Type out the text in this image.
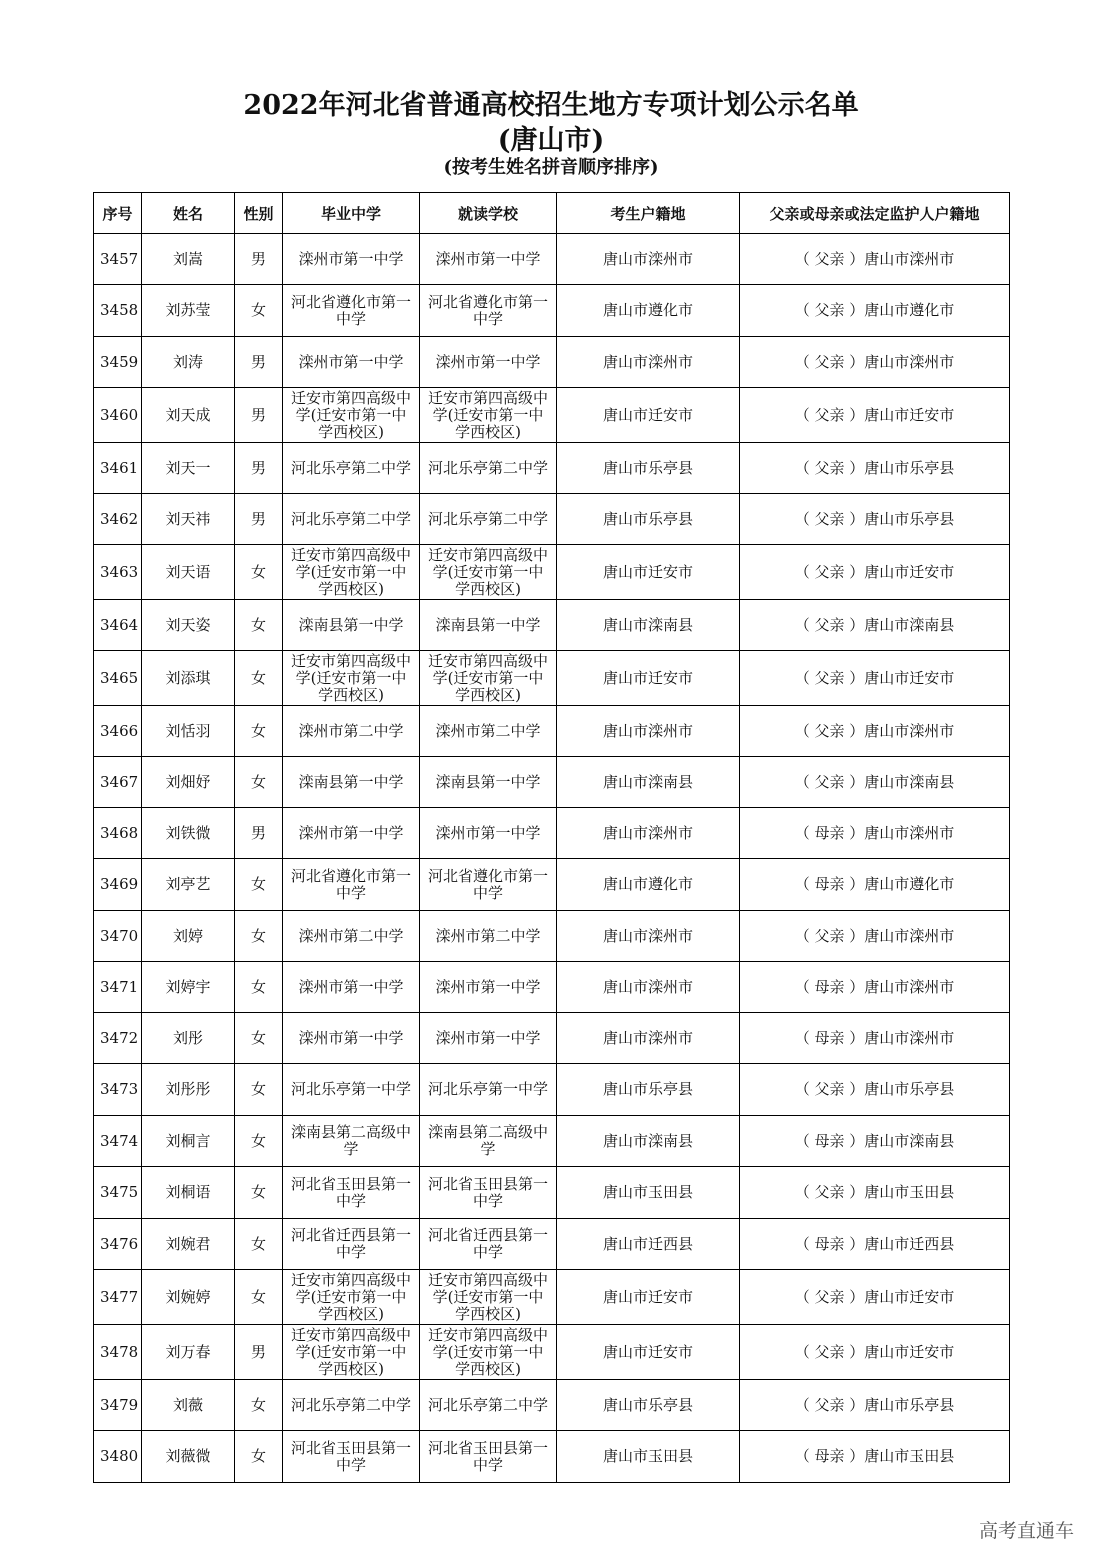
2022年河北省普通高校招生地方专项计划公示名单
(唐山市)
(按考生姓名拼音顺序排序)
序号	姓名	性别	毕业中学	就读学校	考生户籍地	父亲或母亲或法定监护人户籍地
3457	刘嵩	男	滦州市第一中学	滦州市第一中学	唐山市滦州市	（ 父亲 ）唐山市滦州市
3458	刘苏莹	女	河北省遵化市第一中学	河北省遵化市第一中学	唐山市遵化市	（ 父亲 ）唐山市遵化市
3459	刘涛	男	滦州市第一中学	滦州市第一中学	唐山市滦州市	（ 父亲 ）唐山市滦州市
3460	刘天成	男	迁安市第四高级中学(迁安市第一中学西校区)	迁安市第四高级中学(迁安市第一中学西校区)	唐山市迁安市	（ 父亲 ）唐山市迁安市
3461	刘天一	男	河北乐亭第二中学	河北乐亭第二中学	唐山市乐亭县	（ 父亲 ）唐山市乐亭县
3462	刘天祎	男	河北乐亭第二中学	河北乐亭第二中学	唐山市乐亭县	（ 父亲 ）唐山市乐亭县
3463	刘天语	女	迁安市第四高级中学(迁安市第一中学西校区)	迁安市第四高级中学(迁安市第一中学西校区)	唐山市迁安市	（ 父亲 ）唐山市迁安市
3464	刘天姿	女	滦南县第一中学	滦南县第一中学	唐山市滦南县	（ 父亲 ）唐山市滦南县
3465	刘添琪	女	迁安市第四高级中学(迁安市第一中学西校区)	迁安市第四高级中学(迁安市第一中学西校区)	唐山市迁安市	（ 父亲 ）唐山市迁安市
3466	刘恬羽	女	滦州市第二中学	滦州市第二中学	唐山市滦州市	（ 父亲 ）唐山市滦州市
3467	刘畑妤	女	滦南县第一中学	滦南县第一中学	唐山市滦南县	（ 父亲 ）唐山市滦南县
3468	刘铁微	男	滦州市第一中学	滦州市第一中学	唐山市滦州市	（ 母亲 ）唐山市滦州市
3469	刘亭艺	女	河北省遵化市第一中学	河北省遵化市第一中学	唐山市遵化市	（ 母亲 ）唐山市遵化市
3470	刘婷	女	滦州市第二中学	滦州市第二中学	唐山市滦州市	（ 父亲 ）唐山市滦州市
3471	刘婷宇	女	滦州市第一中学	滦州市第一中学	唐山市滦州市	（ 母亲 ）唐山市滦州市
3472	刘彤	女	滦州市第一中学	滦州市第一中学	唐山市滦州市	（ 母亲 ）唐山市滦州市
3473	刘彤彤	女	河北乐亭第一中学	河北乐亭第一中学	唐山市乐亭县	（ 父亲 ）唐山市乐亭县
3474	刘桐言	女	滦南县第二高级中学	滦南县第二高级中学	唐山市滦南县	（ 母亲 ）唐山市滦南县
3475	刘桐语	女	河北省玉田县第一中学	河北省玉田县第一中学	唐山市玉田县	（ 父亲 ）唐山市玉田县
3476	刘婉君	女	河北省迁西县第一中学	河北省迁西县第一中学	唐山市迁西县	（ 母亲 ）唐山市迁西县
3477	刘婉婷	女	迁安市第四高级中学(迁安市第一中学西校区)	迁安市第四高级中学(迁安市第一中学西校区)	唐山市迁安市	（ 父亲 ）唐山市迁安市
3478	刘万春	男	迁安市第四高级中学(迁安市第一中学西校区)	迁安市第四高级中学(迁安市第一中学西校区)	唐山市迁安市	（ 父亲 ）唐山市迁安市
3479	刘薇	女	河北乐亭第二中学	河北乐亭第二中学	唐山市乐亭县	（ 父亲 ）唐山市乐亭县
3480	刘薇微	女	河北省玉田县第一中学	河北省玉田县第一中学	唐山市玉田县	（ 母亲 ）唐山市玉田县
高考直通车
